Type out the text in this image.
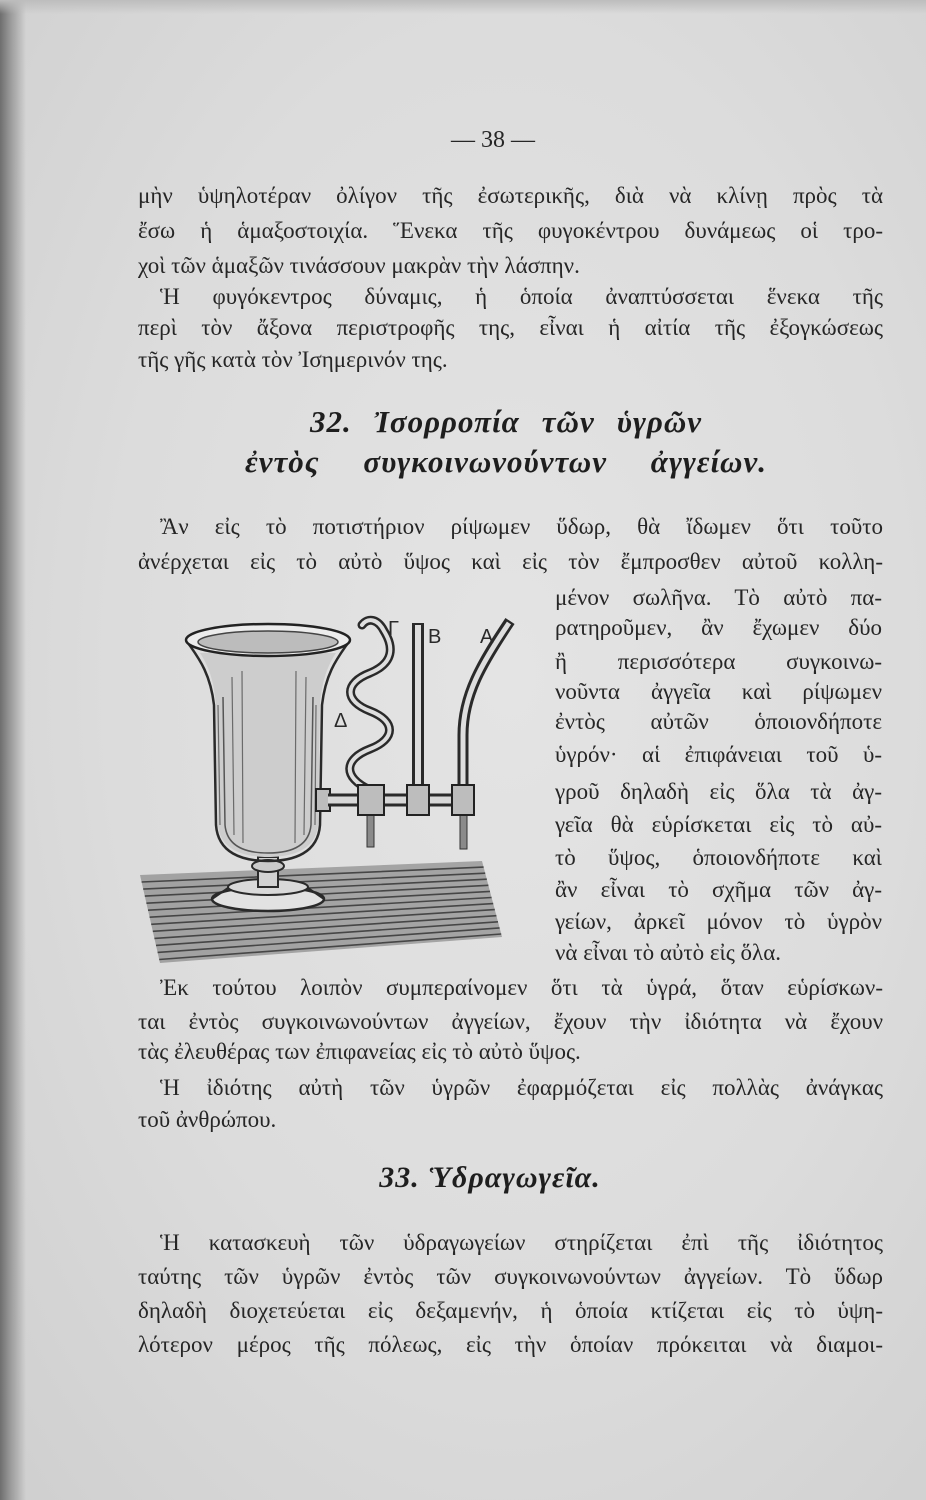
— 38 —
μὴν ὑψηλοτέραν ὀλίγον τῆς ἐσωτερικῆς, διὰ νὰ κλίνῃ πρὸς τὰ
ἔσω ἡ ἁμαξοστοιχία. Ἕνεκα τῆς φυγοκέντρου δυνάμεως οἱ τρο-
χοὶ τῶν ἁμαξῶν τινάσσουν μακρὰν τὴν λάσπην.
Ἡ φυγόκεντρος δύναμις, ἡ ὁποία ἀναπτύσσεται ἕνεκα τῆς
περὶ τὸν ἄξονα περιστροφῆς της, εἶναι ἡ αἰτία τῆς ἐξογκώσεως
τῆς γῆς κατὰ τὸν Ἰσημερινόν της.
32. Ἰσορροπία τῶν ὑγρῶν
ἐντὸς συγκοινωνούντων ἀγγείων.
Ἂν εἰς τὸ ποτιστήριον ρίψωμεν ὕδωρ, θὰ ἴδωμεν ὅτι τοῦτο
ἀνέρχεται εἰς τὸ αὐτὸ ὕψος καὶ εἰς τὸν ἔμπροσθεν αὐτοῦ κολλη-
μένον σωλῆνα. Τὸ αὐτὸ πα-
ρατηροῦμεν, ἂν ἔχωμεν δύο
ἢ περισσότερα συγκοινω-
νοῦντα ἀγγεῖα καὶ ρίψωμεν
ἐντὸς αὐτῶν ὁποιονδήποτε
ὑγρόν· αἱ ἐπιφάνειαι τοῦ ὑ-
γροῦ δηλαδὴ εἰς ὅλα τὰ ἀγ-
γεῖα θὰ εὑρίσκεται εἰς τὸ αὐ-
τὸ ὕψος, ὁποιονδήποτε καὶ
ἂν εἶναι τὸ σχῆμα τῶν ἀγ-
γείων, ἀρκεῖ μόνον τὸ ὑγρὸν
νὰ εἶναι τὸ αὐτὸ εἰς ὅλα.
Γ Β Α
Δ
Ἐκ τούτου λοιπὸν συμπεραίνομεν ὅτι τὰ ὑγρά, ὅταν εὑρίσκων-
ται ἐντὸς συγκοινωνούντων ἀγγείων, ἔχουν τὴν ἰδιότητα νὰ ἔχουν
τὰς ἐλευθέρας των ἐπιφανείας εἰς τὸ αὐτὸ ὕψος.
Ἡ ἰδιότης αὐτὴ τῶν ὑγρῶν ἐφαρμόζεται εἰς πολλὰς ἀνάγκας
τοῦ ἀνθρώπου.
33. Ὑδραγωγεῖα.
Ἡ κατασκευὴ τῶν ὑδραγωγείων στηρίζεται ἐπὶ τῆς ἰδιότητος
ταύτης τῶν ὑγρῶν ἐντὸς τῶν συγκοινωνούντων ἀγγείων. Τὸ ὕδωρ
δηλαδὴ διοχετεύεται εἰς δεξαμενήν, ἡ ὁποία κτίζεται εἰς τὸ ὑψη-
λότερον μέρος τῆς πόλεως, εἰς τὴν ὁποίαν πρόκειται νὰ διαμοι-
